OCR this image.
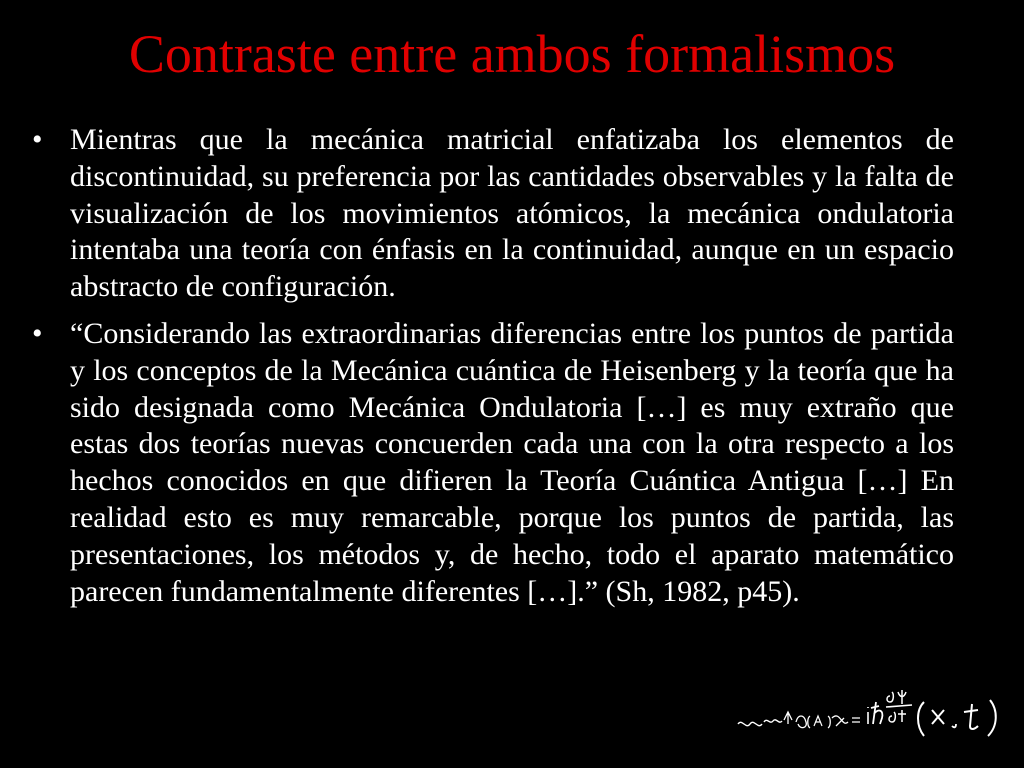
Contraste entre ambos formalismos
• Mientras que la mecánica matricial enfatizaba los elementos de discontinuidad, su preferencia por las cantidades observables y la falta de visualización de los movimientos atómicos, la mecánica ondulatoria intentaba una teoría con énfasis en la continuidad, aunque en un espacio abstracto de configuración.
• “Considerando las extraordinarias diferencias entre los puntos de partida y los conceptos de la Mecánica cuántica de Heisenberg y la teoría que ha sido designada como Mecánica Ondulatoria […] es muy extraño que estas dos teorías nuevas concuerden cada una con la otra respecto a los hechos conocidos en que difieren la Teoría Cuántica Antigua […] En realidad esto es muy remarcable, porque los puntos de partida, las presentaciones, los métodos y, de hecho, todo el aparato matemático parecen fundamentalmente diferentes […].” (Sh, 1982, p45).
